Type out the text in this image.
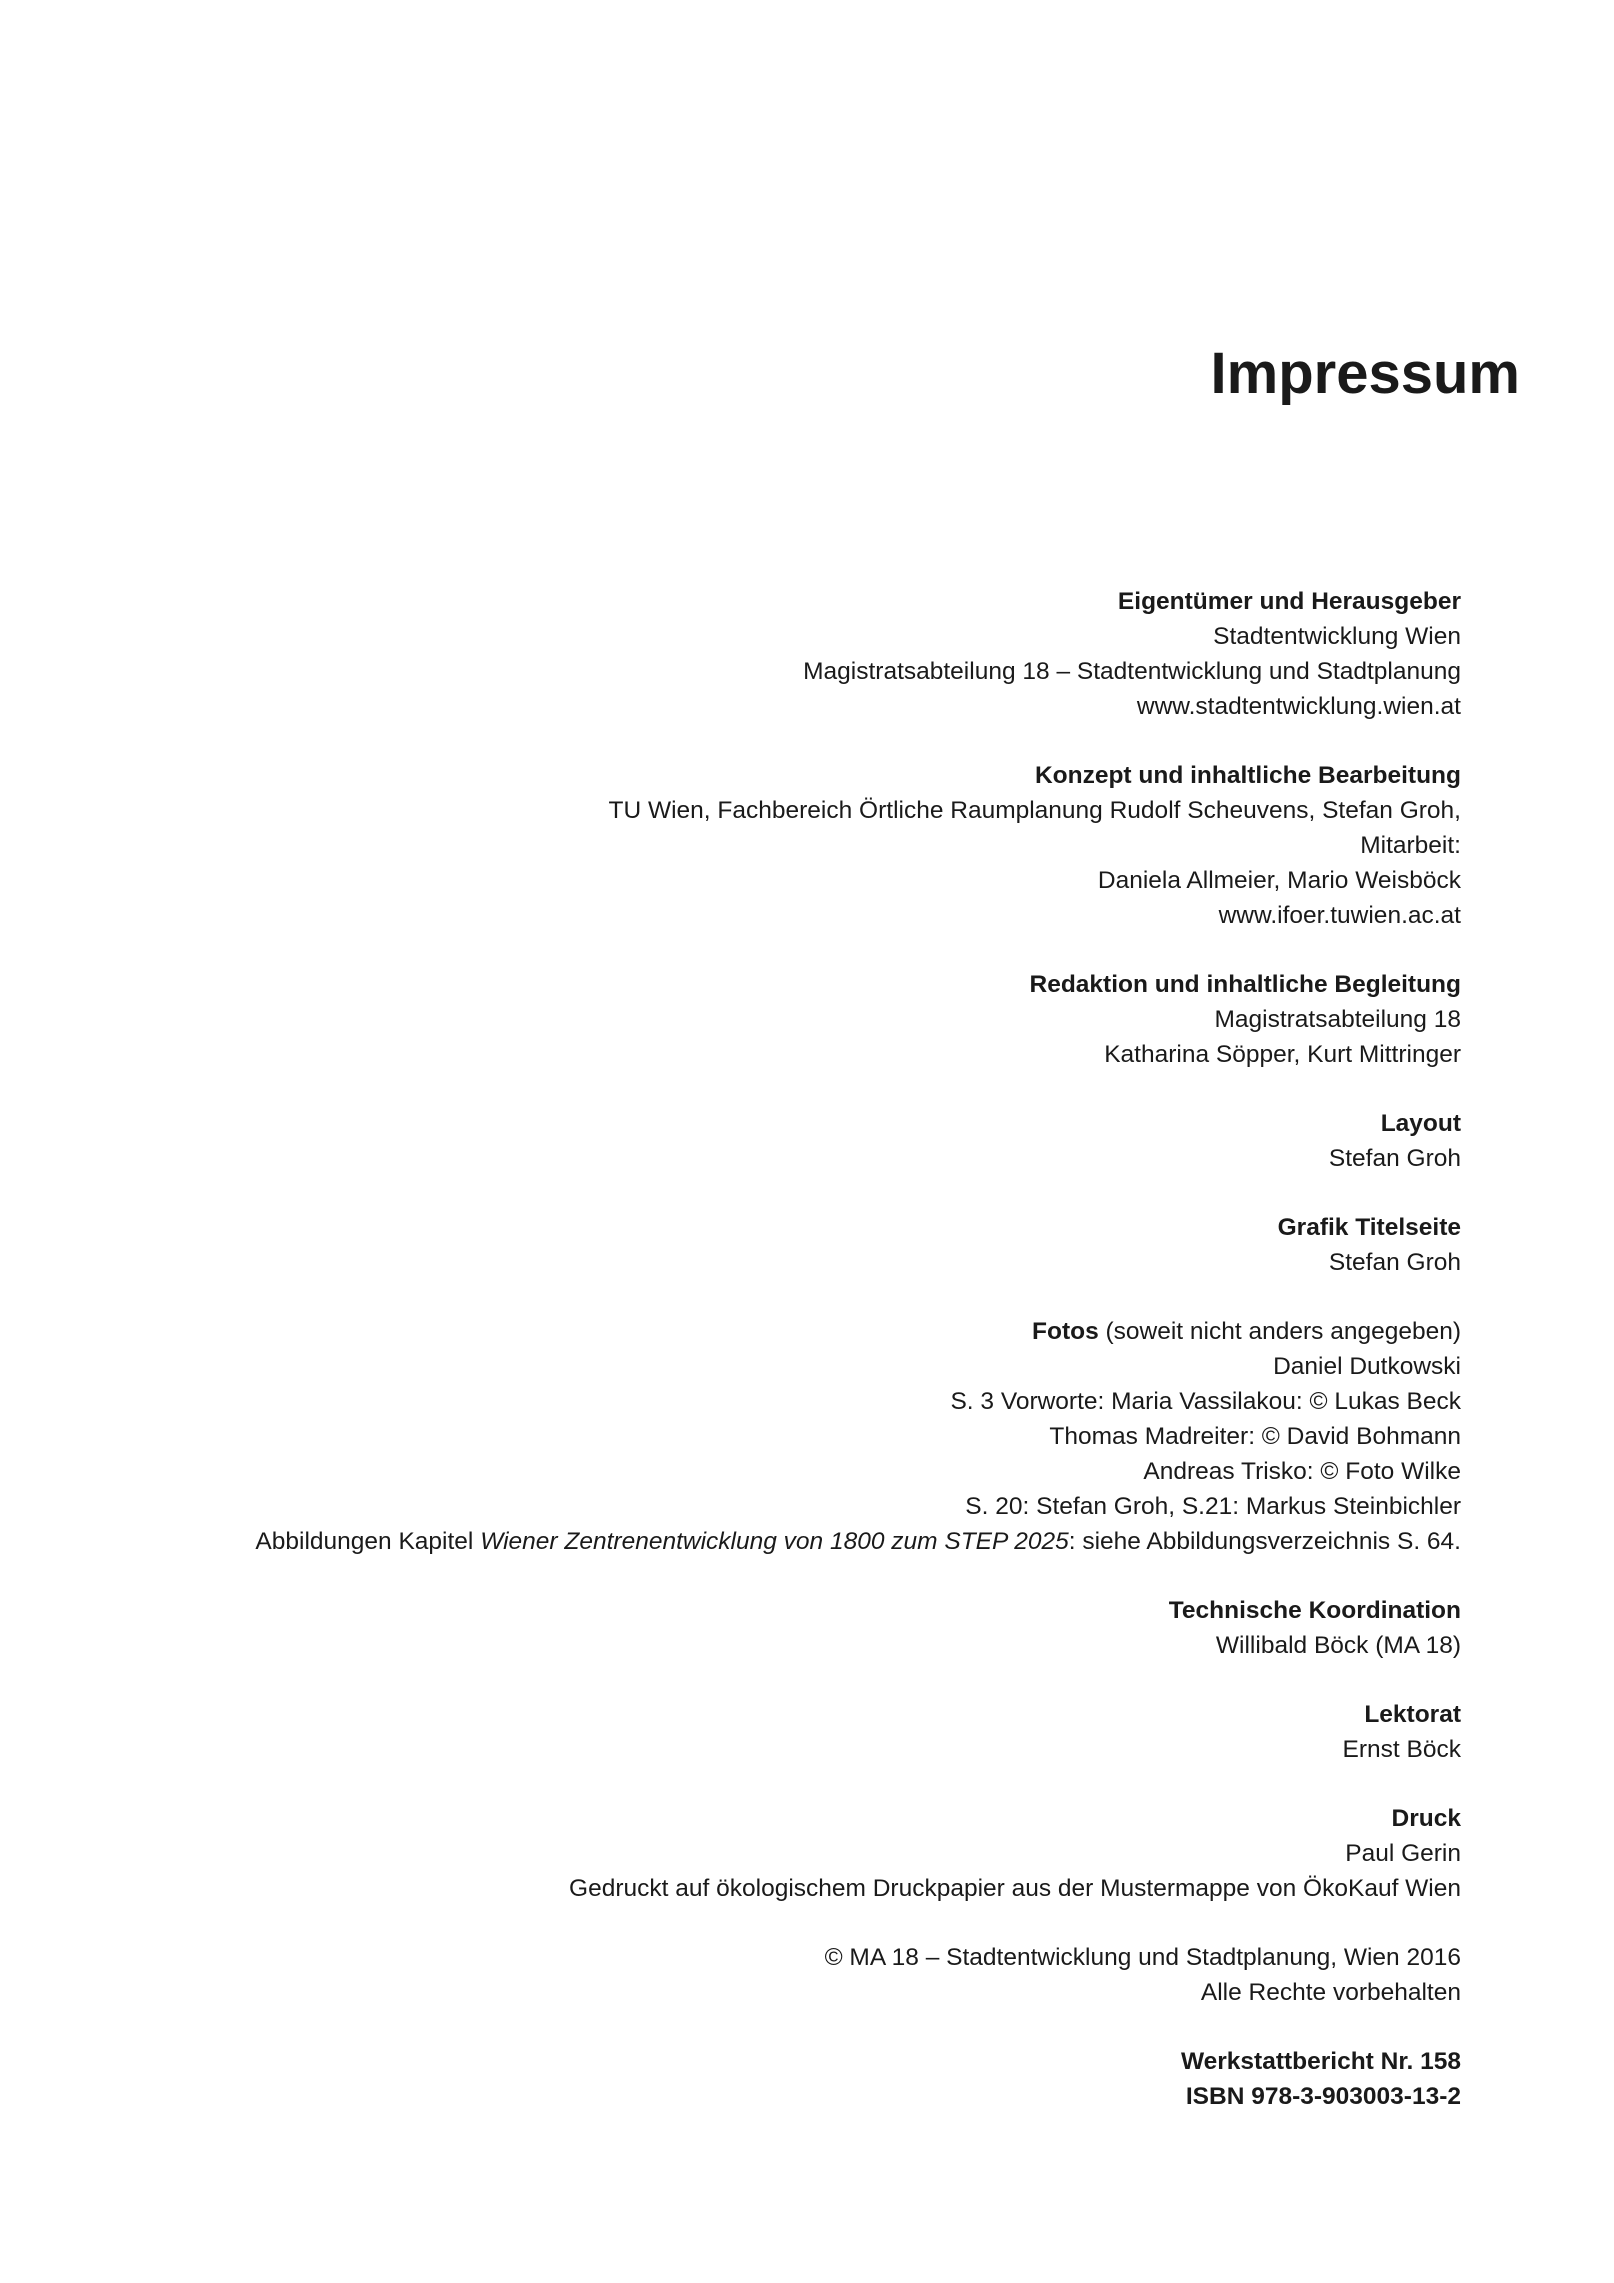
Impressum
Eigentümer und Herausgeber
Stadtentwicklung Wien
Magistratsabteilung 18 – Stadtentwicklung und Stadtplanung
www.stadtentwicklung.wien.at
Konzept und inhaltliche Bearbeitung
TU Wien, Fachbereich Örtliche Raumplanung Rudolf Scheuvens, Stefan Groh,
Mitarbeit:
Daniela Allmeier, Mario Weisböck
www.ifoer.tuwien.ac.at
Redaktion und inhaltliche Begleitung
Magistratsabteilung 18
Katharina Söpper, Kurt Mittringer
Layout
Stefan Groh
Grafik Titelseite
Stefan Groh
Fotos (soweit nicht anders angegeben)
Daniel Dutkowski
S. 3 Vorworte: Maria Vassilakou: © Lukas Beck
Thomas Madreiter: © David Bohmann
Andreas Trisko: © Foto Wilke
S. 20: Stefan Groh, S.21: Markus Steinbichler
Abbildungen Kapitel Wiener Zentrenentwicklung von 1800 zum STEP 2025: siehe Abbildungsverzeichnis S. 64.
Technische Koordination
Willibald Böck (MA 18)
Lektorat
Ernst Böck
Druck
Paul Gerin
Gedruckt auf ökologischem Druckpapier aus der Mustermappe von ÖkoKauf Wien
© MA 18 – Stadtentwicklung und Stadtplanung, Wien 2016
Alle Rechte vorbehalten
Werkstattbericht Nr. 158
ISBN 978-3-903003-13-2
